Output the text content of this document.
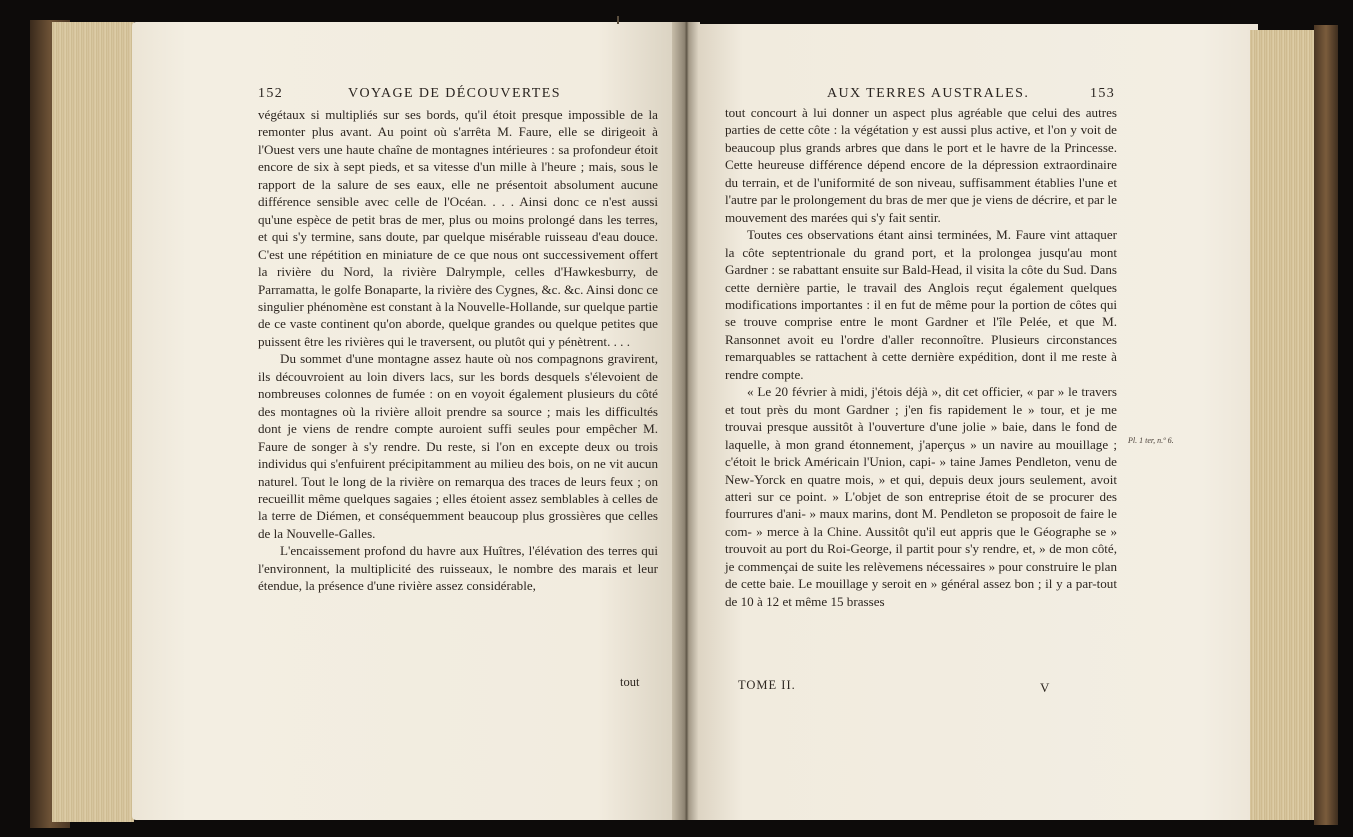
152	VOYAGE DE DÉCOUVERTES

végétaux si multipliés sur ses bords, qu'il étoit presque impossible de la remonter plus avant. Au point où s'arrêta M. Faure, elle se dirigeoit à l'Ouest vers une haute chaîne de montagnes intérieures : sa profondeur étoit encore de six à sept pieds, et sa vitesse d'un mille à l'heure ; mais, sous le rapport de la salure de ses eaux, elle ne présentoit absolument aucune différence sensible avec celle de l'Océan. . . . Ainsi donc ce n'est aussi qu'une espèce de petit bras de mer, plus ou moins prolongé dans les terres, et qui s'y termine, sans doute, par quelque misérable ruisseau d'eau douce. C'est une répétition en miniature de ce que nous ont successivement offert la rivière du Nord, la rivière Dalrymple, celles d'Hawkesburry, de Parramatta, le golfe Bonaparte, la rivière des Cygnes, &c. &c. Ainsi donc ce singulier phénomène est constant à la Nouvelle-Hollande, sur quelque partie de ce vaste continent qu'on aborde, quelque grandes ou quelque petites que puissent être les rivières qui le traversent, ou plutôt qui y pénètrent. . . .

Du sommet d'une montagne assez haute où nos compagnons gravirent, ils découvroient au loin divers lacs, sur les bords desquels s'élevoient de nombreuses colonnes de fumée : on en voyoit également plusieurs du côté des montagnes où la rivière alloit prendre sa source ; mais les difficultés dont je viens de rendre compte auroient suffi seules pour empêcher M. Faure de songer à s'y rendre. Du reste, si l'on en excepte deux ou trois individus qui s'enfuirent précipitamment au milieu des bois, on ne vit aucun naturel. Tout le long de la rivière on remarqua des traces de leurs feux ; on recueillit même quelques sagaies ; elles étoient assez semblables à celles de la terre de Diémen, et conséquemment beaucoup plus grossières que celles de la Nouvelle-Galles.

L'encaissement profond du havre aux Huîtres, l'élévation des terres qui l'environnent, la multiplicité des ruisseaux, le nombre des marais et leur étendue, la présence d'une rivière assez considérable,

tout
AUX TERRES AUSTRALES.	153

tout concourt à lui donner un aspect plus agréable que celui des autres parties de cette côte : la végétation y est aussi plus active, et l'on y voit de beaucoup plus grands arbres que dans le port et le havre de la Princesse. Cette heureuse différence dépend encore de la dépression extraordinaire du terrain, et de l'uniformité de son niveau, suffisamment établies l'une et l'autre par le prolongement du bras de mer que je viens de décrire, et par le mouvement des marées qui s'y fait sentir.

Toutes ces observations étant ainsi terminées, M. Faure vint attaquer la côte septentrionale du grand port, et la prolongea jusqu'au mont Gardner : se rabattant ensuite sur Bald-Head, il visita la côte du Sud. Dans cette dernière partie, le travail des Anglois reçut également quelques modifications importantes : il en fut de même pour la portion de côtes qui se trouve comprise entre le mont Gardner et l'île Pelée, et que M. Ransonnet avoit eu l'ordre d'aller reconnoître. Plusieurs circonstances remarquables se rattachent à cette dernière expédition, dont il me reste à rendre compte.

« Le 20 février à midi, j'étois déjà », dit cet officier, « par » le travers et tout près du mont Gardner ; j'en fis rapidement le » tour, et je me trouvai presque aussitôt à l'ouverture d'une jolie » baie, dans le fond de laquelle, à mon grand étonnement, j'aperçus » un navire au mouillage ; c'étoit le brick Américain l'Union, capi- » taine James Pendleton, venu de New-Yorck en quatre mois, » et qui, depuis deux jours seulement, avoit atteri sur ce point. » L'objet de son entreprise étoit de se procurer des fourrures d'ani- » maux marins, dont M. Pendleton se proposoit de faire le com- » merce à la Chine. Aussitôt qu'il eut appris que le Géographe se » trouvoit au port du Roi-George, il partit pour s'y rendre, et, » de mon côté, je commençai de suite les relèvemens nécessaires » pour construire le plan de cette baie. Le mouillage y seroit en » général assez bon ; il y a par-tout de 10 à 12 et même 15 brasses

Pl. 1 ter, n.º 6.
TOME II.	V
